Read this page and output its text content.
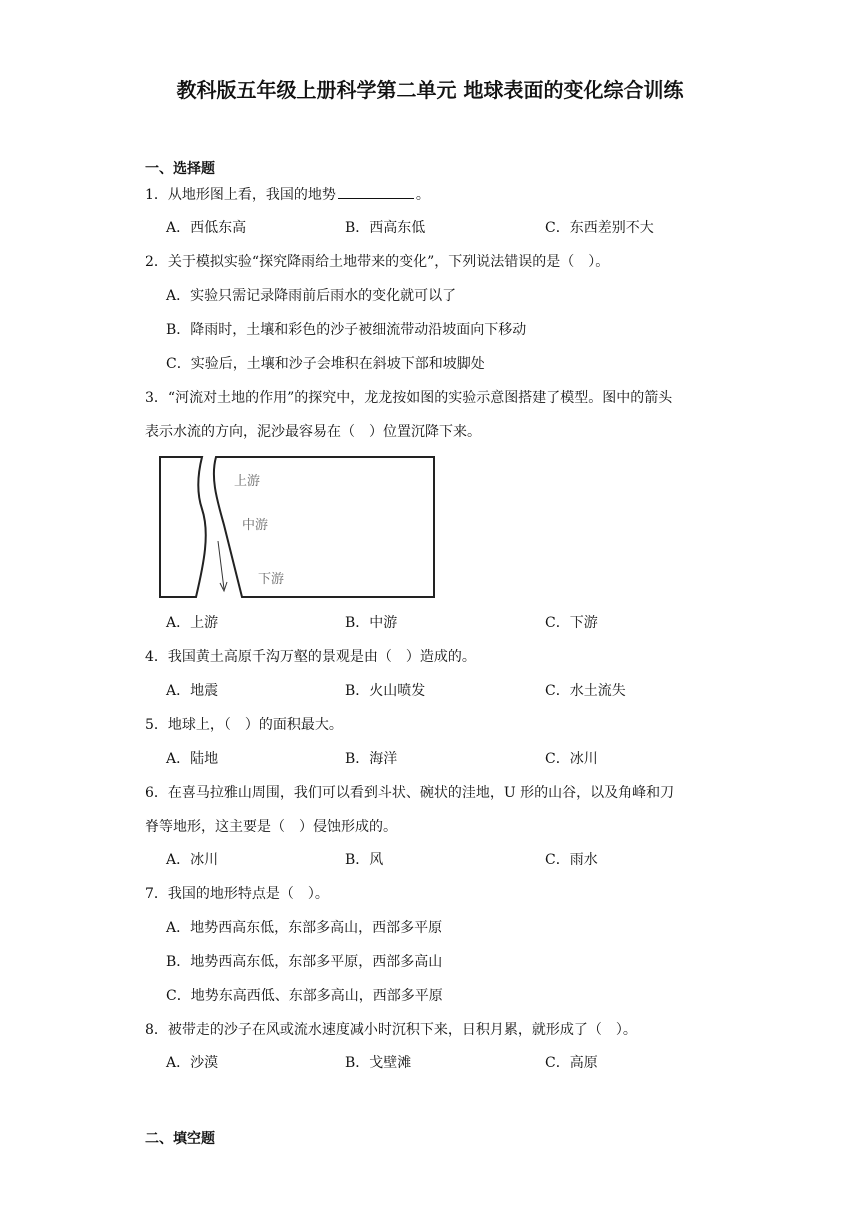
教科版五年级上册科学第二单元 地球表面的变化综合训练
一、选择题
1．从地形图上看，我国的地势	。
A．西低东高	B．西高东低	C．东西差别不大
2．关于模拟实验“探究降雨给土地带来的变化”，下列说法错误的是（　）。
A．实验只需记录降雨前后雨水的变化就可以了
B．降雨时，土壤和彩色的沙子被细流带动沿坡面向下移动
C．实验后，土壤和沙子会堆积在斜坡下部和坡脚处
3．“河流对土地的作用”的探究中，龙龙按如图的实验示意图搭建了模型。图中的箭头
表示水流的方向，泥沙最容易在（　）位置沉降下来。
上游
中游
下游
A．上游	B．中游	C．下游
4．我国黄土高原千沟万壑的景观是由（　）造成的。
A．地震	B．火山喷发	C．水土流失
5．地球上，（　）的面积最大。
A．陆地	B．海洋	C．冰川
6．在喜马拉雅山周围，我们可以看到斗状、碗状的洼地，U 形的山谷，以及角峰和刀
脊等地形，这主要是（　）侵蚀形成的。
A．冰川	B．风	C．雨水
7．我国的地形特点是（　）。
A．地势西高东低，东部多高山，西部多平原
B．地势西高东低，东部多平原，西部多高山
C．地势东高西低、东部多高山，西部多平原
8．被带走的沙子在风或流水速度减小时沉积下来，日积月累，就形成了（　）。
A．沙漠	B．戈壁滩	C．高原
二、填空题
